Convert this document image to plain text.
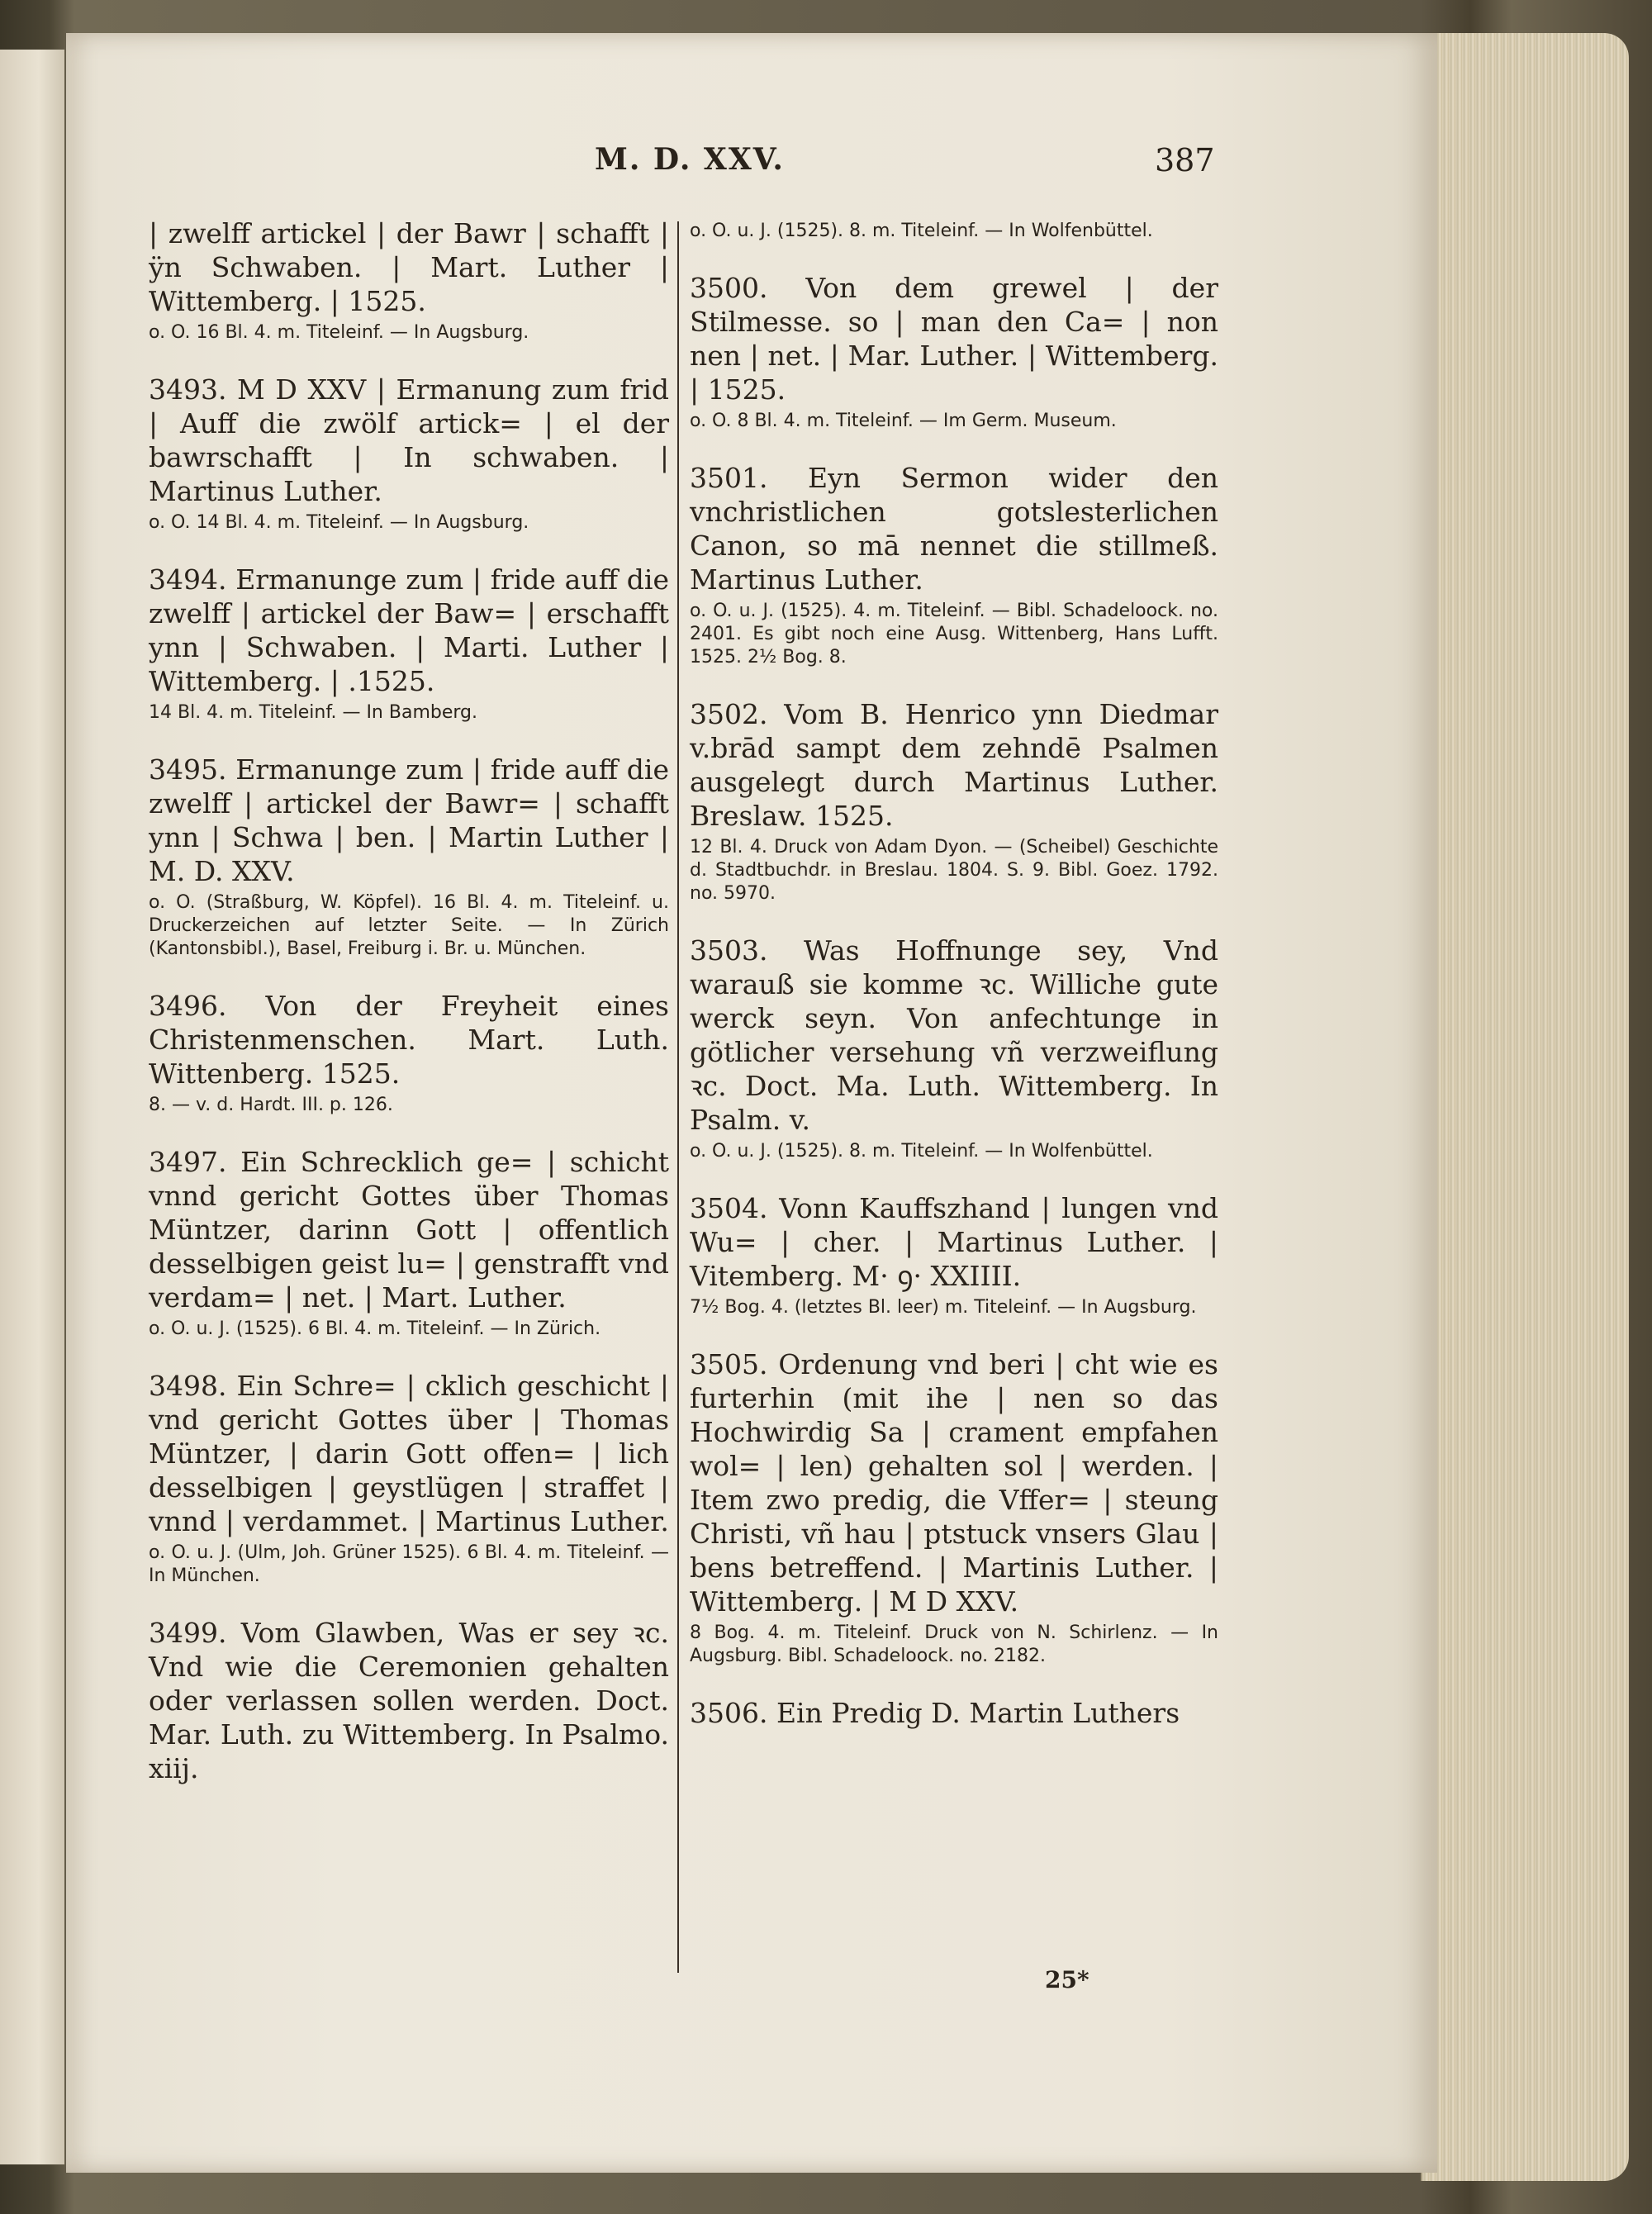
M. D. XXV.	387

| zwelff artickel | der Bawr | schafft | ÿn Schwaben. | Mart. Luther | Wittemberg. | 1525.

o. O. 16 Bl. 4. m. Titeleinf. — In Augsburg.

3493. M D XXV | Ermanung zum frid | Auff die zwölf artick= | el der bawrschafft | In schwaben. | Martinus Luther.

o. O. 14 Bl. 4. m. Titeleinf. — In Augsburg.

3494. Ermanunge zum | fride auff die zwelff | artickel der Baw= | erschafft ynn | Schwaben. | Marti. Luther | Wittemberg. | .1525.

14 Bl. 4. m. Titeleinf. — In Bamberg.

3495. Ermanunge zum | fride auff die zwelff | artickel der Bawr= | schafft ynn | Schwa | ben. | Martin Luther | M. D. XXV.

o. O. (Straßburg, W. Köpfel). 16 Bl. 4. m. Titeleinf. u. Druckerzeichen auf letzter Seite. — In Zürich (Kantonsbibl.), Basel, Freiburg i. Br. u. München.

3496. Von der Freyheit eines Christenmenschen. Mart. Luth. Wittenberg. 1525.

8. — v. d. Hardt. III. p. 126.

3497. Ein Schrecklich ge= | schicht vnnd gericht Gottes über Thomas Müntzer, darinn Gott | offentlich desselbigen geist lu= | genstrafft vnd verdam= | net. | Mart. Luther.

o. O. u. J. (1525). 6 Bl. 4. m. Titeleinf. — In Zürich.

3498. Ein Schre= | cklich geschicht | vnd gericht Gottes über | Thomas Müntzer, | darin Gott offen= | lich desselbigen | geystlügen | straffet | vnnd | verdammet. | Martinus Luther.

o. O. u. J. (Ulm, Joh. Grüner 1525). 6 Bl. 4. m. Titeleinf. — In München.

3499. Vom Glawben, Was er sey ꝛc. Vnd wie die Ceremonien gehalten oder verlassen sollen werden. Doct. Mar. Luth. zu Wittemberg. In Psalmo. xiij.

o. O. u. J. (1525). 8. m. Titeleinf. — In Wolfenbüttel.

3500. Von dem grewel | der Stilmesse. so | man den Ca= | non nen | net. | Mar. Luther. | Wittemberg. | 1525.

o. O. 8 Bl. 4. m. Titeleinf. — Im Germ. Museum.

3501. Eyn Sermon wider den vnchristlichen gotslesterlichen Canon, so mā nennet die stillmeß. Martinus Luther.

o. O. u. J. (1525). 4. m. Titeleinf. — Bibl. Schadeloock. no. 2401. Es gibt noch eine Ausg. Wittenberg, Hans Lufft. 1525. 2½ Bog. 8.

3502. Vom B. Henrico ynn Diedmar v.brād sampt dem zehndē Psalmen ausgelegt durch Martinus Luther. Breslaw. 1525.

12 Bl. 4. Druck von Adam Dyon. — (Scheibel) Geschichte d. Stadtbuchdr. in Breslau. 1804. S. 9. Bibl. Goez. 1792. no. 5970.

3503. Was Hoffnunge sey, Vnd warauß sie komme ꝛc. Williche gute werck seyn. Von anfechtunge in götlicher versehung vñ verzweiflung ꝛc. Doct. Ma. Luth. Wittemberg. In Psalm. v.

o. O. u. J. (1525). 8. m. Titeleinf. — In Wolfenbüttel.

3504. Vonn Kauffszhand | lungen vnd Wu= | cher. | Martinus Luther. | Vitemberg. M· ꝯ· XXIIII.

7½ Bog. 4. (letztes Bl. leer) m. Titeleinf. — In Augsburg.

3505. Ordenung vnd beri | cht wie es furterhin (mit ihe | nen so das Hochwirdig Sa | crament empfahen wol= | len) gehalten sol | werden. | Item zwo predig, die Vffer= | steung Christi, vñ hau | ptstuck vnsers Glau | bens betreffend. | Martinis Luther. | Wittemberg. | M D XXV.

8 Bog. 4. m. Titeleinf. Druck von N. Schirlenz. — In Augsburg. Bibl. Schadeloock. no. 2182.

3506. Ein Predig D. Martin Luthers

25*
